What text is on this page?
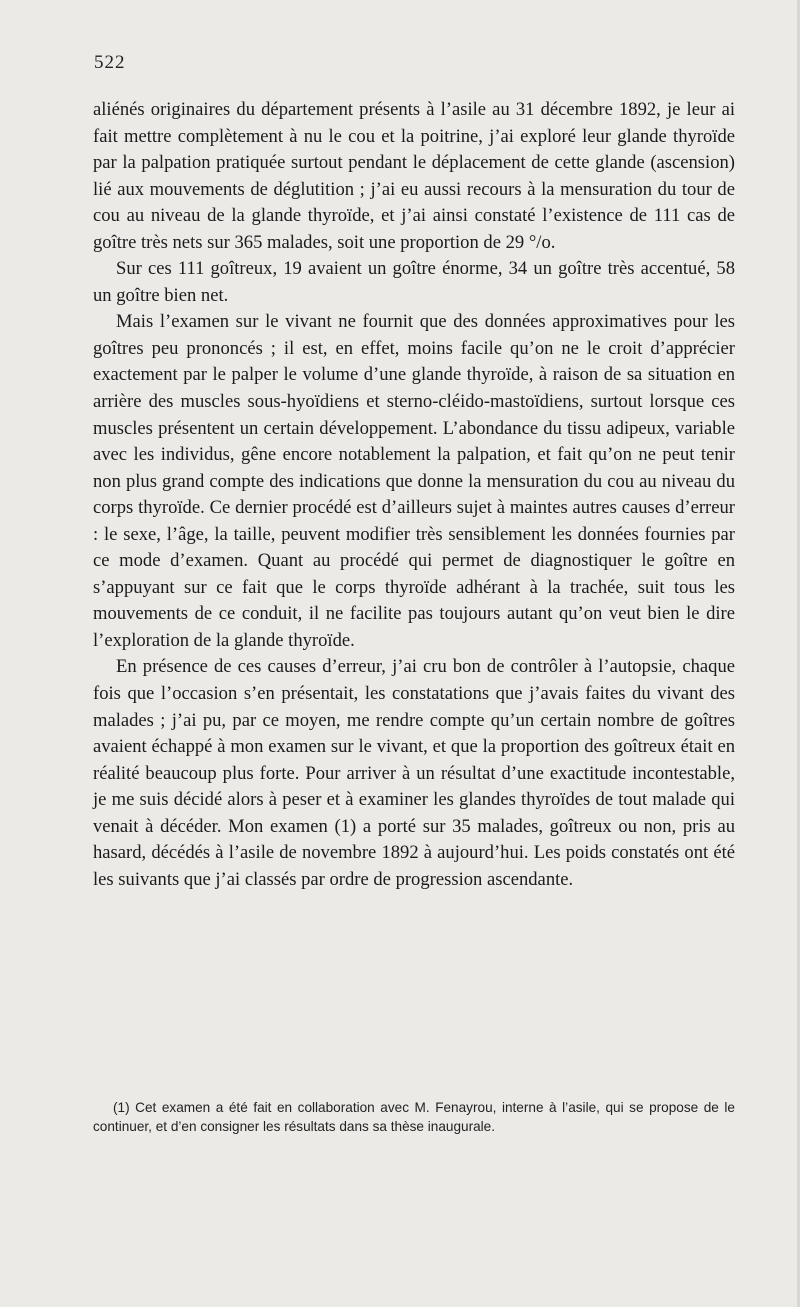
522

aliénés originaires du département présents à l’asile au 31 décembre 1892, je leur ai fait mettre complètement à nu le cou et la poitrine, j’ai exploré leur glande thyroïde par la palpation pratiquée surtout pendant le déplacement de cette glande (ascension) lié aux mouvements de déglutition ; j’ai eu aussi recours à la mensuration du tour de cou au niveau de la glande thyroïde, et j’ai ainsi constaté l’existence de 111 cas de goître très nets sur 365 malades, soit une proportion de 29 °/o.

Sur ces 111 goîtreux, 19 avaient un goître énorme, 34 un goître très accentué, 58 un goître bien net.

Mais l’examen sur le vivant ne fournit que des données approximatives pour les goîtres peu prononcés ; il est, en effet, moins facile qu’on ne le croit d’apprécier exactement par le palper le volume d’une glande thyroïde, à raison de sa situation en arrière des muscles sous-hyoïdiens et sterno-cléido-mastoïdiens, surtout lorsque ces muscles présentent un certain développement. L’abondance du tissu adipeux, variable avec les individus, gêne encore notablement la palpation, et fait qu’on ne peut tenir non plus grand compte des indications que donne la mensuration du cou au niveau du corps thyroïde. Ce dernier procédé est d’ailleurs sujet à maintes autres causes d’erreur : le sexe, l’âge, la taille, peuvent modifier très sensiblement les données fournies par ce mode d’examen. Quant au procédé qui permet de diagnostiquer le goître en s’appuyant sur ce fait que le corps thyroïde adhérant à la trachée, suit tous les mouvements de ce conduit, il ne facilite pas toujours autant qu’on veut bien le dire l’exploration de la glande thyroïde.

En présence de ces causes d’erreur, j’ai cru bon de contrôler à l’autopsie, chaque fois que l’occasion s’en présentait, les constatations que j’avais faites du vivant des malades ; j’ai pu, par ce moyen, me rendre compte qu’un certain nombre de goîtres avaient échappé à mon examen sur le vivant, et que la proportion des goîtreux était en réalité beaucoup plus forte. Pour arriver à un résultat d’une exactitude incontestable, je me suis décidé alors à peser et à examiner les glandes thyroïdes de tout malade qui venait à décéder. Mon examen (1) a porté sur 35 malades, goîtreux ou non, pris au hasard, décédés à l’asile de novembre 1892 à aujourd’hui. Les poids constatés ont été les suivants que j’ai classés par ordre de progression ascendante.

(1) Cet examen a été fait en collaboration avec M. Fenayrou, interne à l’asile, qui se propose de le continuer, et d’en consigner les résultats dans sa thèse inaugurale.
